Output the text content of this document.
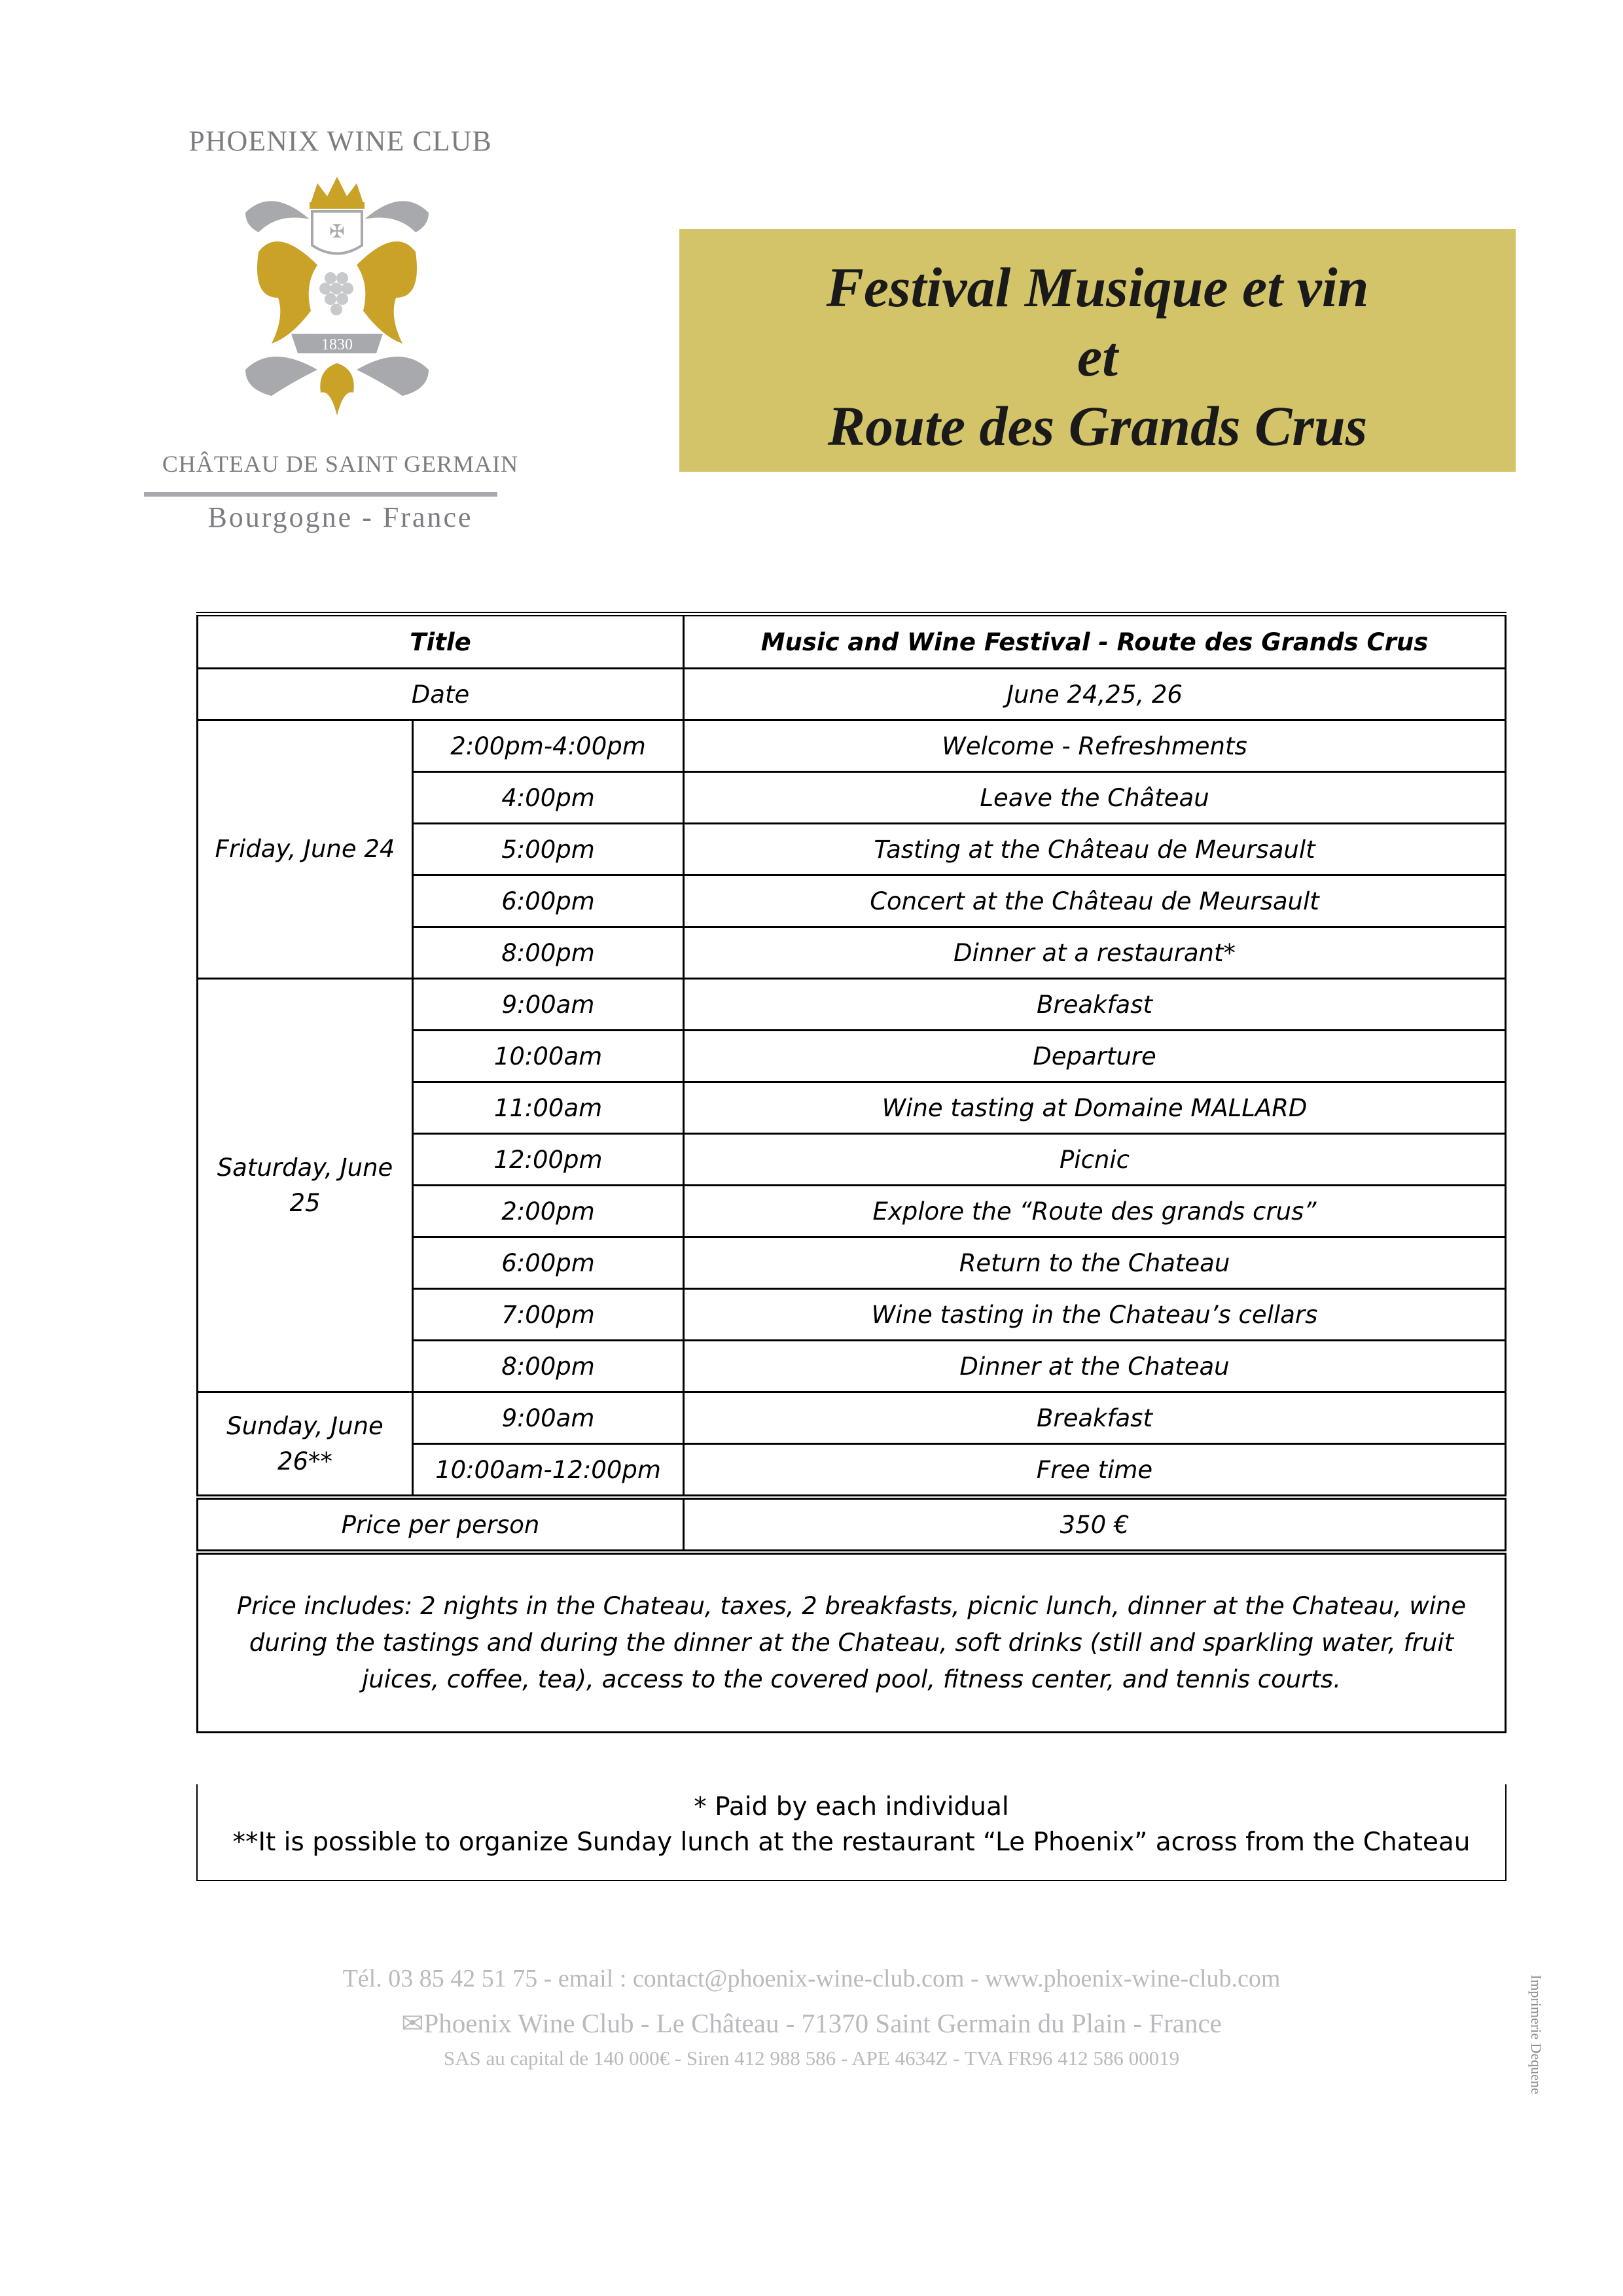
PHOENIX WINE CLUB
✠
1830
CHÂTEAU DE SAINT GERMAIN
Bourgogne - France
Festival Musique et vin
et
Route des Grands Crus
Title		Music and Wine Festival - Route des Grands Crus
Date		June 24,25, 26
Friday, June 24	2:00pm-4:00pm	Welcome - Refreshments
	4:00pm	Leave the Château
	5:00pm	Tasting at the Château de Meursault
	6:00pm	Concert at the Château de Meursault
	8:00pm	Dinner at a restaurant*
Saturday, June 25	9:00am	Breakfast
	10:00am	Departure
	11:00am	Wine tasting at Domaine MALLARD
	12:00pm	Picnic
	2:00pm	Explore the “Route des grands crus”
	6:00pm	Return to the Chateau
	7:00pm	Wine tasting in the Chateau’s cellars
	8:00pm	Dinner at the Chateau
Sunday, June 26**	9:00am	Breakfast
	10:00am-12:00pm	Free time
Price per person		350 €
Price includes: 2 nights in the Chateau, taxes, 2 breakfasts, picnic lunch, dinner at the Chateau, wine during the tastings and during the dinner at the Chateau, soft drinks (still and sparkling water, fruit juices, coffee, tea), access to the covered pool, fitness center, and tennis courts.		
* Paid by each individual
**It is possible to organize Sunday lunch at the restaurant “Le Phoenix” across from the Chateau
Tél. 03 85 42 51 75 - email : contact@phoenix-wine-club.com - www.phoenix-wine-club.com
✉Phoenix Wine Club - Le Château - 71370 Saint Germain du Plain - France
SAS au capital de 140 000€ - Siren 412 988 586 - APE 4634Z - TVA FR96 412 586 00019	Imprimerie Dequene
